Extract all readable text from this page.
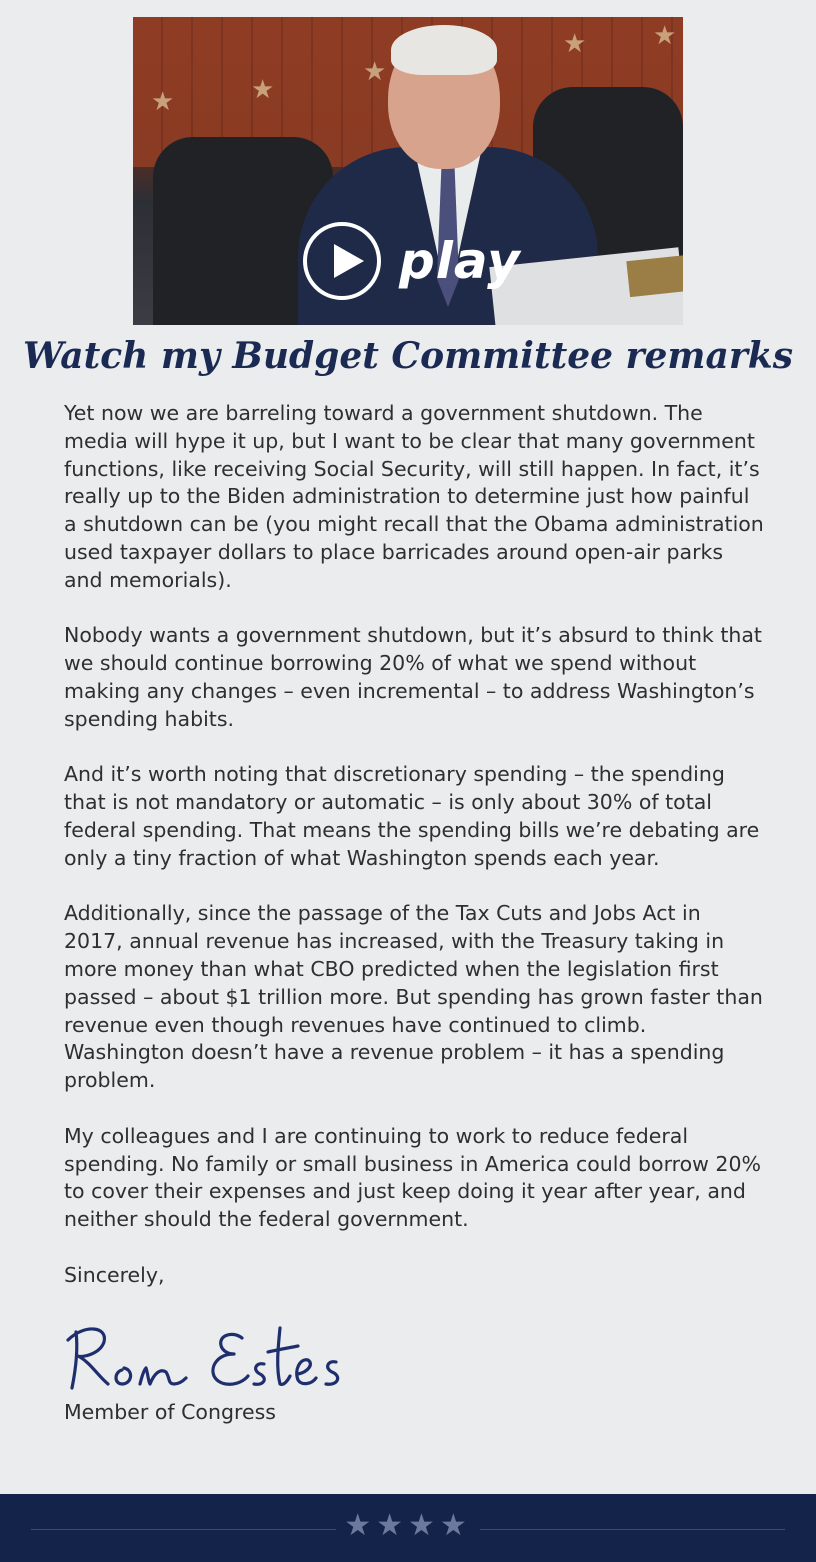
★	★
★
★	★
play
Watch my Budget Committee remarks

Yet now we are barreling toward a government shutdown. The media will hype it up, but I want to be clear that many government functions, like receiving Social Security, will still happen. In fact, it’s really up to the Biden administration to determine just how painful a shutdown can be (you might recall that the Obama administration used taxpayer dollars to place barricades around open-air parks and memorials).

Nobody wants a government shutdown, but it’s absurd to think that we should continue borrowing 20% of what we spend without making any changes – even incremental – to address Washington’s spending habits.

And it’s worth noting that discretionary spending – the spending that is not mandatory or automatic – is only about 30% of total federal spending. That means the spending bills we’re debating are only a tiny fraction of what Washington spends each year.

Additionally, since the passage of the Tax Cuts and Jobs Act in 2017, annual revenue has increased, with the Treasury taking in more money than what CBO predicted when the legislation first passed – about $1 trillion more. But spending has grown faster than revenue even though revenues have continued to climb. Washington doesn’t have a revenue problem – it has a spending problem.

My colleagues and I are continuing to work to reduce federal spending. No family or small business in America could borrow 20% to cover their expenses and just keep doing it year after year, and neither should the federal government.

Sincerely,

Member of Congress
★★★★
